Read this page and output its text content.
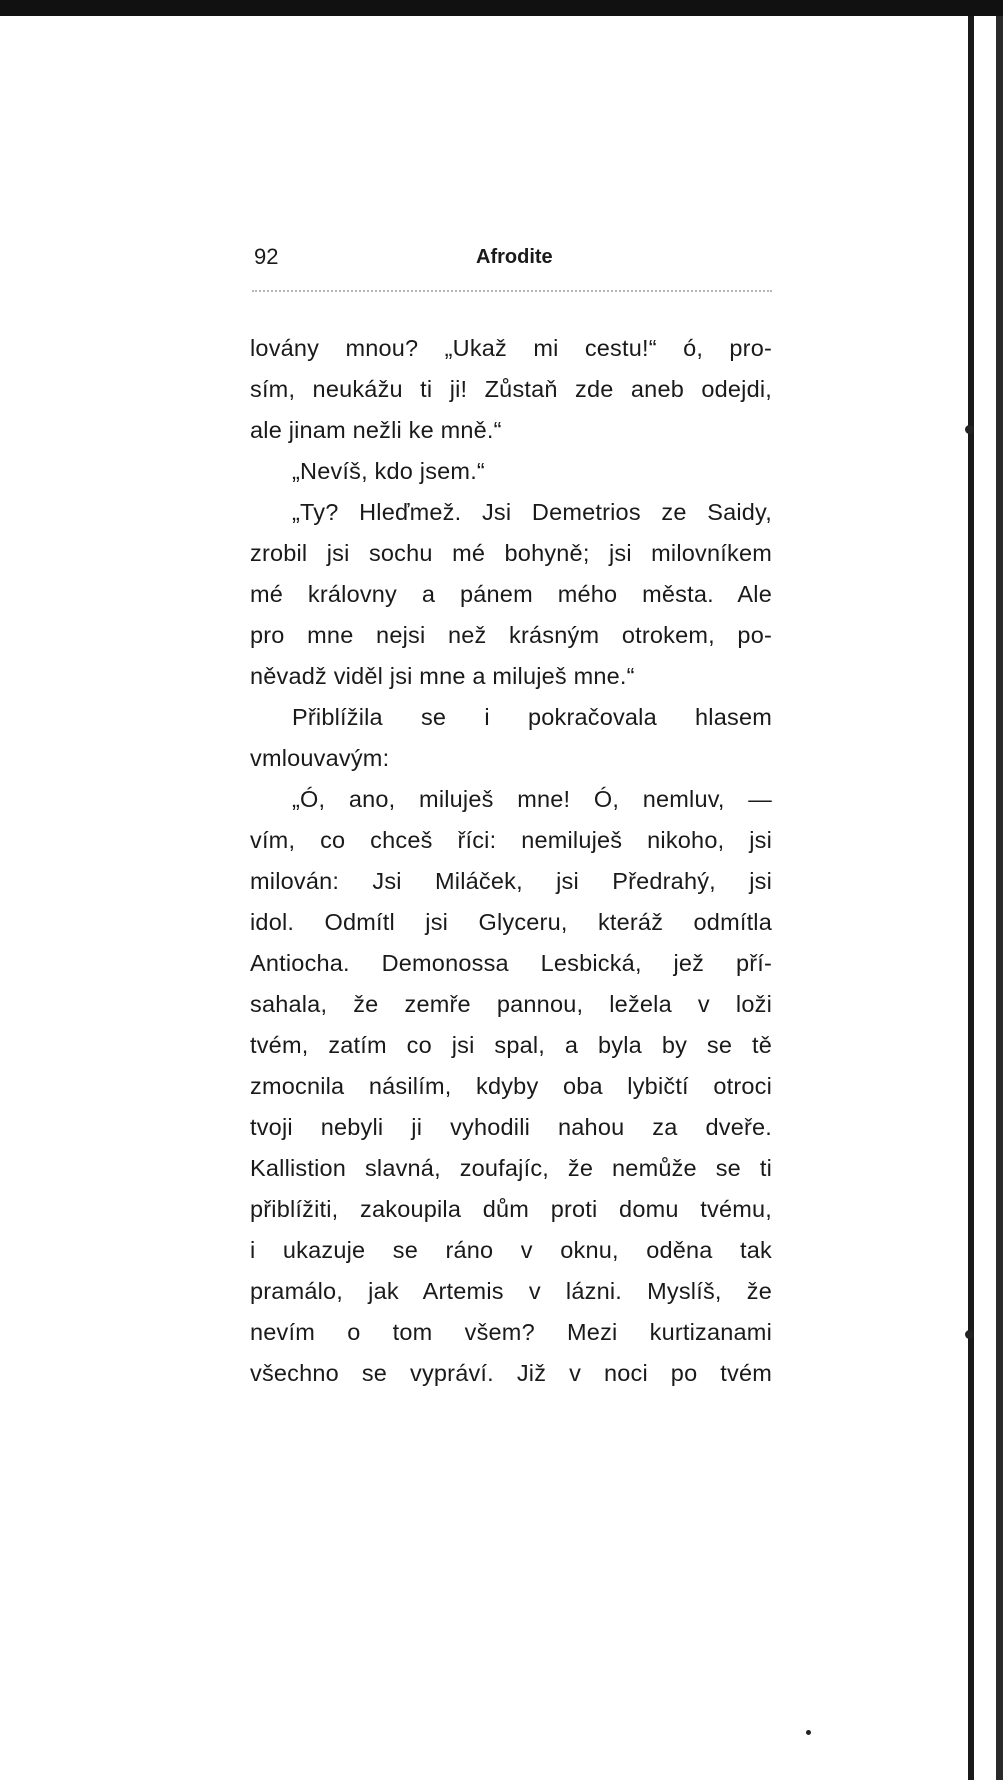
92	Afrodite
lovány mnou? „Ukaž mi cestu!“ ó, pro-
sím, neukážu ti ji! Zůstaň zde aneb odejdi,
ale jinam nežli ke mně.“
„Nevíš, kdo jsem.“
„Ty? Hleďmež. Jsi Demetrios ze Saidy,
zrobil jsi sochu mé bohyně; jsi milovníkem
mé královny a pánem mého města. Ale
pro mne nejsi než krásným otrokem, po-
něvadž viděl jsi mne a miluješ mne.“
Přiblížila se i pokračovala hlasem
vmlouvavým:
„Ó, ano, miluješ mne! Ó, nemluv, —
vím, co chceš říci: nemiluješ nikoho, jsi
milován: Jsi Miláček, jsi Předrahý, jsi
idol. Odmítl jsi Glyceru, kteráž odmítla
Antiocha. Demonossa Lesbická, jež pří-
sahala, že zemře pannou, ležela v loži
tvém, zatím co jsi spal, a byla by se tě
zmocnila násilím, kdyby oba lybičtí otroci
tvoji nebyli ji vyhodili nahou za dveře.
Kallistion slavná, zoufajíc, že nemůže se ti
přiblížiti, zakoupila dům proti domu tvému,
i ukazuje se ráno v oknu, oděna tak
pramálo, jak Artemis v lázni. Myslíš, že
nevím o tom všem? Mezi kurtizanami
všechno se vypráví. Již v noci po tvém
